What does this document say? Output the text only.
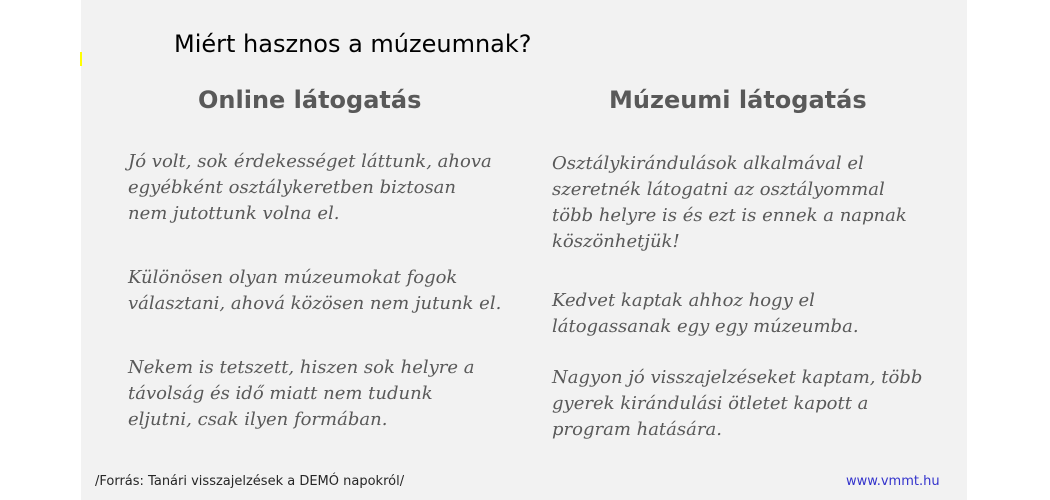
Miért hasznos a múzeumnak?
Online látogatás	Múzeumi látogatás
Jó volt, sok érdekességet láttunk, ahova
egyébként osztálykeretben biztosan
nem jutottunk volna el.
Különösen olyan múzeumokat fogok
választani, ahová közösen nem jutunk el.
Nekem is tetszett, hiszen sok helyre a
távolság és idő miatt nem tudunk
eljutni, csak ilyen formában.
Osztálykirándulások alkalmával el
szeretnék látogatni az osztályommal
több helyre is és ezt is ennek a napnak
köszönhetjük!
Kedvet kaptak ahhoz hogy el
látogassanak egy egy múzeumba.
Nagyon jó visszajelzéseket kaptam, több
gyerek kirándulási ötletet kapott a
program hatására.
/Forrás: Tanári visszajelzések a DEMÓ napokról/	www.vmmt.hu
